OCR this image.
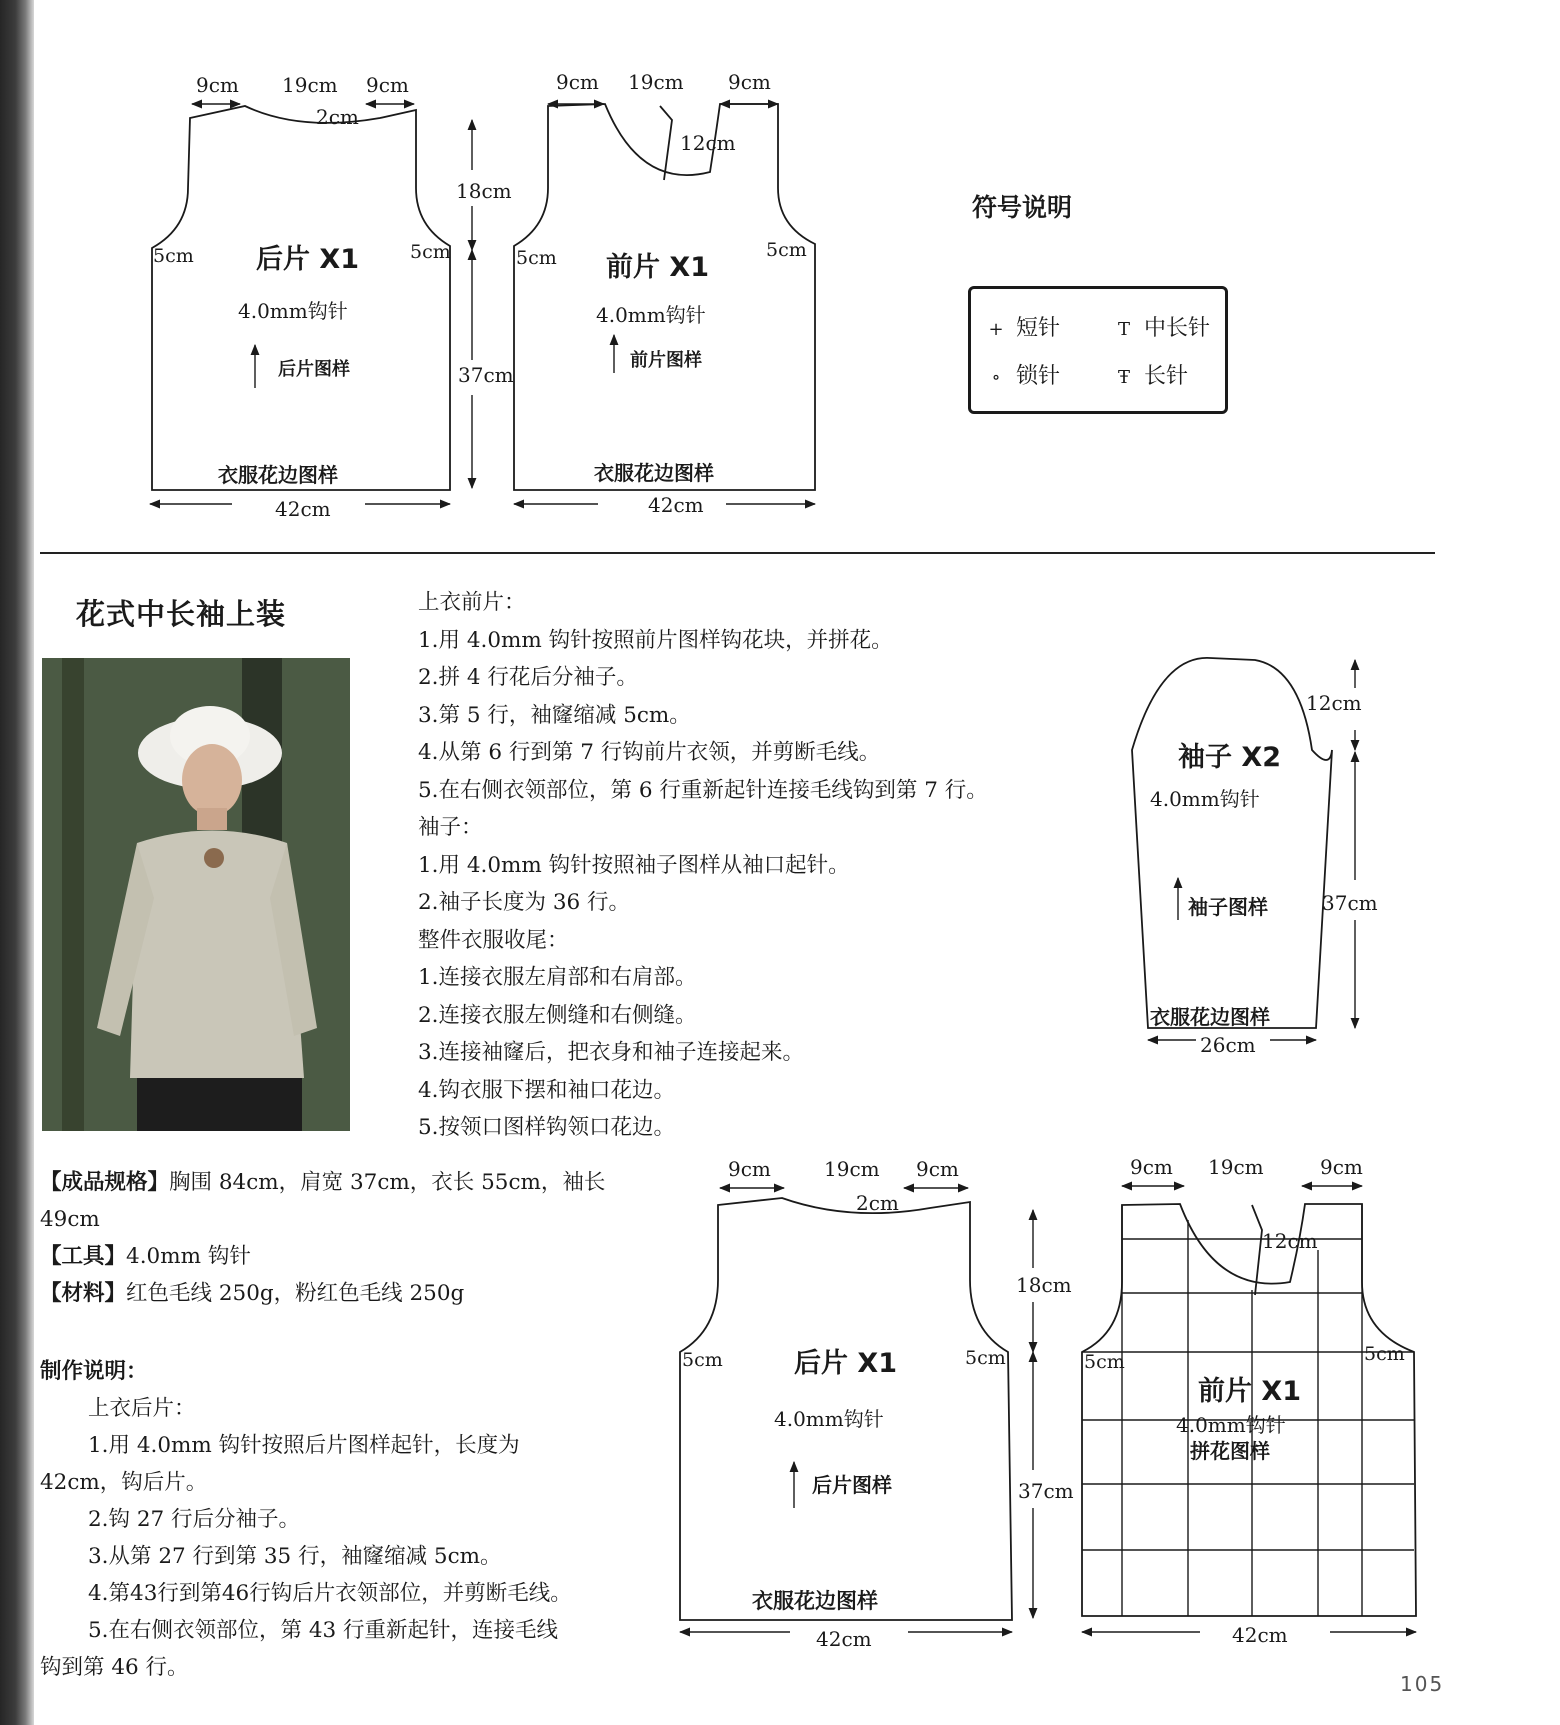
9cm 19cm 9cm
2cm
18cm
5cm	5cm
37cm
42cm
后片 X1
4.0mm钩针
后片图样
衣服花边图样
9cm 19cm 9cm
12cm
5cm	5cm
42cm
前片 X1
4.0mm钩针
前片图样
衣服花边图样
12cm
37cm
26cm
袖子 X2
4.0mm钩针
袖子图样
衣服花边图样
9cm	19cm 9cm
2cm
18cm
5cm	5cm
37cm
42cm
后片 X1
4.0mm钩针
后片图样
衣服花边图样
9cm 19cm	9cm
12cm
5cm	5cm
42cm
前片 X1
4.0mm钩针
拼花图样
符号说明
+ 短针	T 中长针
∘ 锁针	Ŧ 长针
花式中长袖上装	上衣前片：
1.用 4.0mm 钩针按照前片图样钩花块，并拼花。
2.拼 4 行花后分袖子。
3.第 5 行，袖窿缩减 5cm。
4.从第 6 行到第 7 行钩前片衣领，并剪断毛线。
5.在右侧衣领部位，第 6 行重新起针连接毛线钩到第 7 行。
袖子：
1.用 4.0mm 钩针按照袖子图样从袖口起针。
2.袖子长度为 36 行。
整件衣服收尾：
1.连接衣服左肩部和右肩部。
2.连接衣服左侧缝和右侧缝。
3.连接袖窿后，把衣身和袖子连接起来。
4.钩衣服下摆和袖口花边。
5.按领口图样钩领口花边。
【成品规格】胸围 84cm，肩宽 37cm，衣长 55cm，袖长
49cm
【工具】4.0mm 钩针
【材料】红色毛线 250g，粉红色毛线 250g
制作说明：
上衣后片：
1.用 4.0mm 钩针按照后片图样起针，长度为
42cm，钩后片。
2.钩 27 行后分袖子。
3.从第 27 行到第 35 行，袖窿缩减 5cm。
4.第43行到第46行钩后片衣领部位，并剪断毛线。
5.在右侧衣领部位，第 43 行重新起针，连接毛线
钩到第 46 行。
105
